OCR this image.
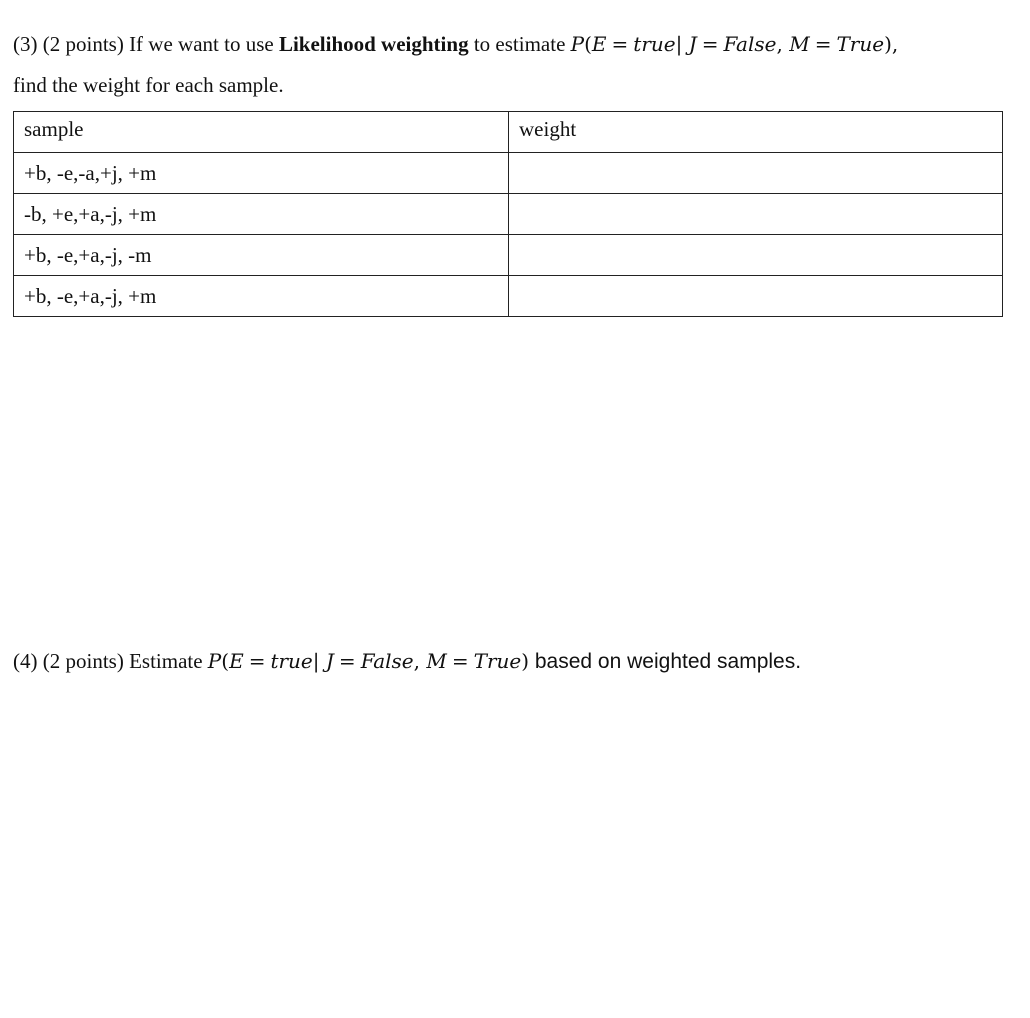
(3) (2 points) If we want to use Likelihood weighting to estimate P(E = true| J = False, M = True),
find the weight for each sample.
sample	weight
+b, -e,-a,+j, +m	
-b, +e,+a,-j, +m	
+b, -e,+a,-j, -m	
+b, -e,+a,-j, +m	
(4) (2 points) Estimate P(E = true| J = False, M = True) based on weighted samples.
